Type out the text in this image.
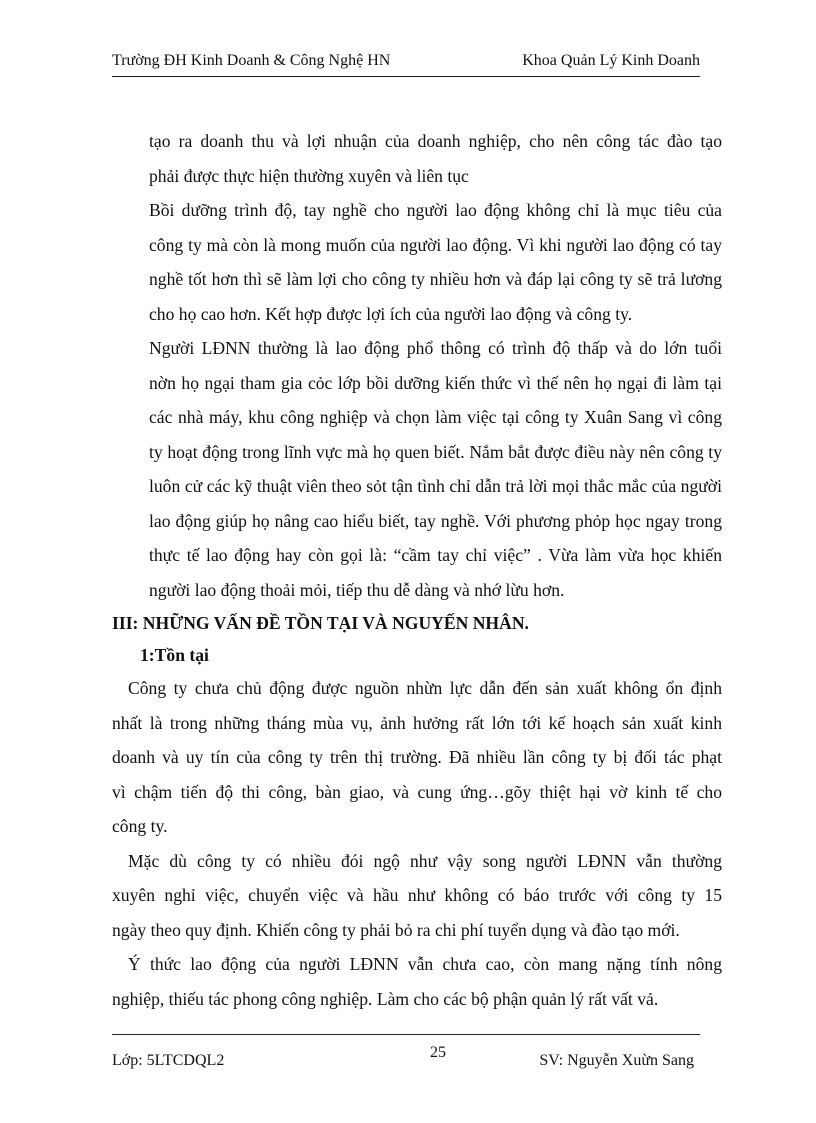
Trường ĐH Kinh Doanh & Công Nghệ HN	Khoa Quản Lý Kinh Doanh
tạo ra doanh thu và lợi nhuận của doanh nghiệp, cho nên công tác đào tạo
phải được thực hiện thường xuyên và liên tục
Bồi dưỡng trình độ, tay nghề cho người lao động không chỉ là mục tiêu của
công ty mà còn là mong muốn của người lao động. Vì khi người lao động có tay
nghề tốt hơn thì sẽ làm lợi cho công ty nhiều hơn và đáp lại công ty sẽ trả lương
cho họ cao hơn. Kết hợp được lợi ích của người lao động và công ty.
Người LĐNN thường là lao động phổ thông có trình độ thấp và do lớn tuổi
nờn họ ngại tham gia cỏc lớp bồi dưỡng kiến thức vì thế nên họ ngại đi làm tại
các nhà máy, khu công nghiệp và chọn làm việc tại công ty Xuân Sang vì công
ty hoạt động trong lĩnh vực mà họ quen biết. Nắm bắt được điều này nên công ty
luôn cử các kỹ thuật viên theo sỏt tận tình chỉ dẫn trả lời mọi thắc mắc của người
lao động giúp họ nâng cao hiểu biết, tay nghề. Với phương phỏp học ngay trong
thực tế lao động hay còn gọi là: “cầm tay chỉ việc” . Vừa làm vừa học khiến
người lao động thoải mỏi, tiếp thu dễ dàng và nhớ lừu hơn.
III: NHỮNG VẤN ĐỀ TỒN TẠI VÀ NGUYẾN NHÂN.
1:Tồn tại
Công ty chưa chủ động được nguồn nhừn lực dẫn đến sản xuất không ổn định
nhất là trong những tháng mùa vụ, ảnh hưởng rất lớn tới kế hoạch sản xuất kinh
doanh và uy tín của công ty trên thị trường. Đã nhiều lần công ty bị đối tác phạt
vì chậm tiến độ thi công, bàn giao, và cung ứng…gõy thiệt hại vờ kinh tế cho
công ty.
Mặc dù công ty có nhiều đói ngộ như vậy song người LĐNN vẫn thường
xuyên nghỉ việc, chuyển việc và hầu như không có báo trước với công ty 15
ngày theo quy định. Khiến công ty phải bỏ ra chi phí tuyển dụng và đào tạo mới.
Ý thức lao động của người LĐNN vẫn chưa cao, còn mang nặng tính nông
nghiệp, thiếu tác phong công nghiệp. Làm cho các bộ phận quản lý rất vất vả.
Lớp: 5LTCDQL2	25	SV: Nguyễn Xuừn Sang
